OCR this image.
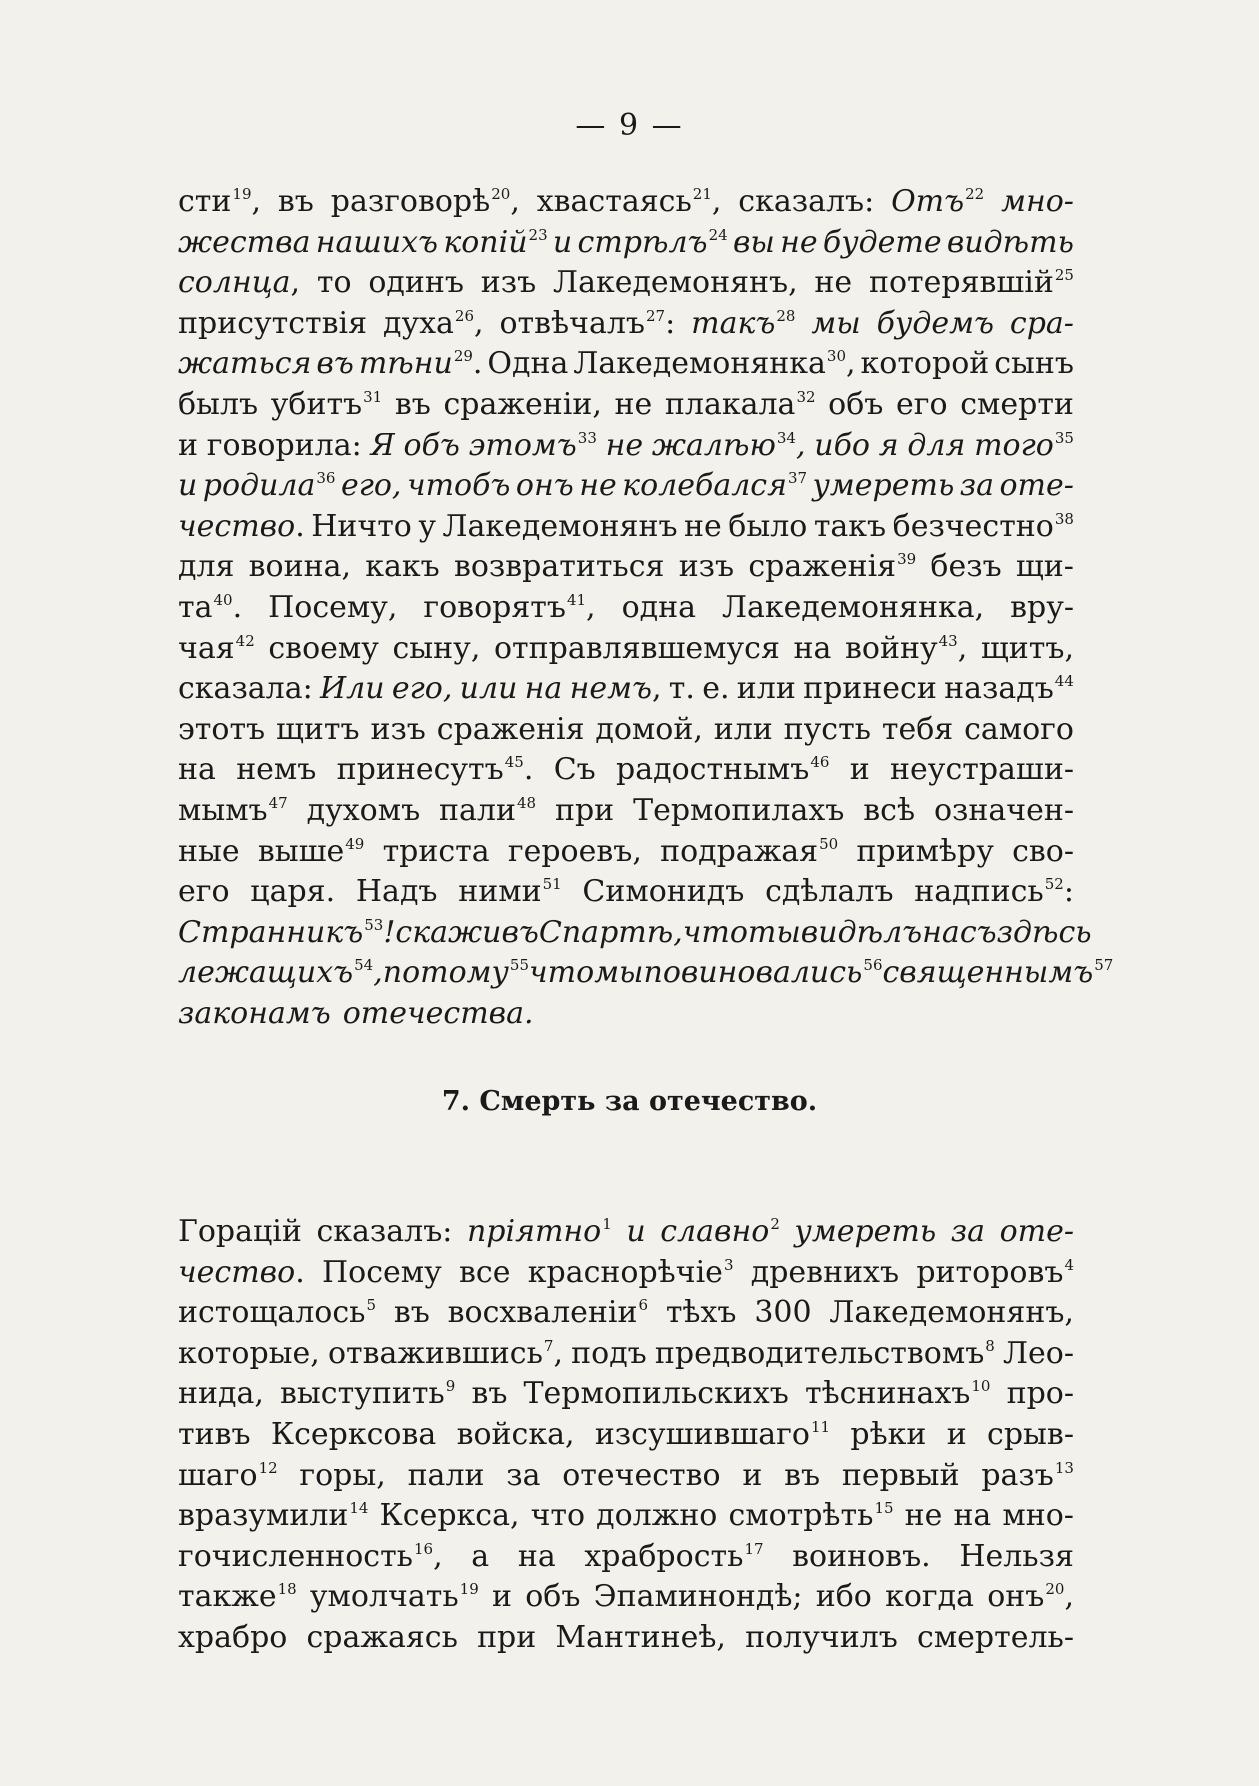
— 9 —
сти$^{19}$, въ разговорѣ$^{20}$, хвастаясь$^{21}$, сказалъ: Отъ$^{22}$ мно-
жества нашихъ копій$^{23}$ и стрѣлъ$^{24}$ вы не будете видѣть
солнца, то одинъ изъ Лакедемонянъ, не потерявшій$^{25}$
присутствія духа$^{26}$, отвѣчалъ$^{27}$: такъ$^{28}$ мы будемъ сра-
жаться въ тѣни$^{29}$. Одна Лакедемонянка$^{30}$, которой сынъ
былъ убитъ$^{31}$ въ сраженіи, не плакала$^{32}$ объ его смерти
и говорила: Я объ этомъ$^{33}$ не жалѣю$^{34}$, ибо я для того$^{35}$
и родила$^{36}$ его, чтобъ онъ не колебался$^{37}$ умереть за оте-
чество. Ничто у Лакедемонянъ не было такъ безчестно$^{38}$
для воина, какъ возвратиться изъ сраженія$^{39}$ безъ щи-
$та^{40}$. Посему, говорятъ$^{41}$, одна Лакедемонянка, вру-
чая$^{42}$ своему сыну, отправлявшемуся на войну$^{43}$, щитъ,
сказала: Или его, или на немъ, т. е. или принеси назадъ$^{44}$
этотъ щитъ изъ сраженія домой, или пусть тебя самого
на немъ принесутъ$^{45}$. Съ радостнымъ$^{46}$ и неустраши-
мымъ$^{47}$ духомъ пали$^{48}$ при Термопилахъ всѣ означен-
ные выше$^{49}$ триста героевъ, подражая$^{50}$ примѣру сво-
его царя. Надъ ними$^{51}$ Симонидъ сдѣлалъ надпись$^{52}$:
Странникъ$^{53}$! скажи въ Спартѣ, что ты видѣлъ насъ здѣсь
лежащихъ$^{54}$, потому$^{55}$ что мы повиновались$^{56}$ священнымъ$^{57}$
законамъ отечества.
7. Смерть за отечество.
Горацій сказалъ: пріятно$^1$ и славно$^2$ умереть за оте-
чество. Посему все краснорѣчіе$^3$ древнихъ риторовъ$^4$
истощалось$^5$ въ восхваленіи$^6$ тѣхъ 300 Лакедемонянъ,
которые, отважившись$^7$, подъ предводительствомъ$^8$ Лео-
нида, выступить$^9$ въ Термопильскихъ тѣснинахъ$^{10}$ про-
тивъ Ксерксова войска, изсушившаго$^{11}$ рѣки и срыв-
шаго$^{12}$ горы, пали за отечество и въ первый разъ$^{13}$
вразумили$^{14}$ Ксеркса, что должно смотрѣть$^{15}$ не на мно-
гочисленность$^{16}$, а на храбрость$^{17}$ воиновъ. Нельзя
также$^{18}$ умолчать$^{19}$ и объ Эпаминондѣ; ибо когда онъ$^{20}$,
храбро сражаясь при Мантинеѣ, получилъ смертель-
